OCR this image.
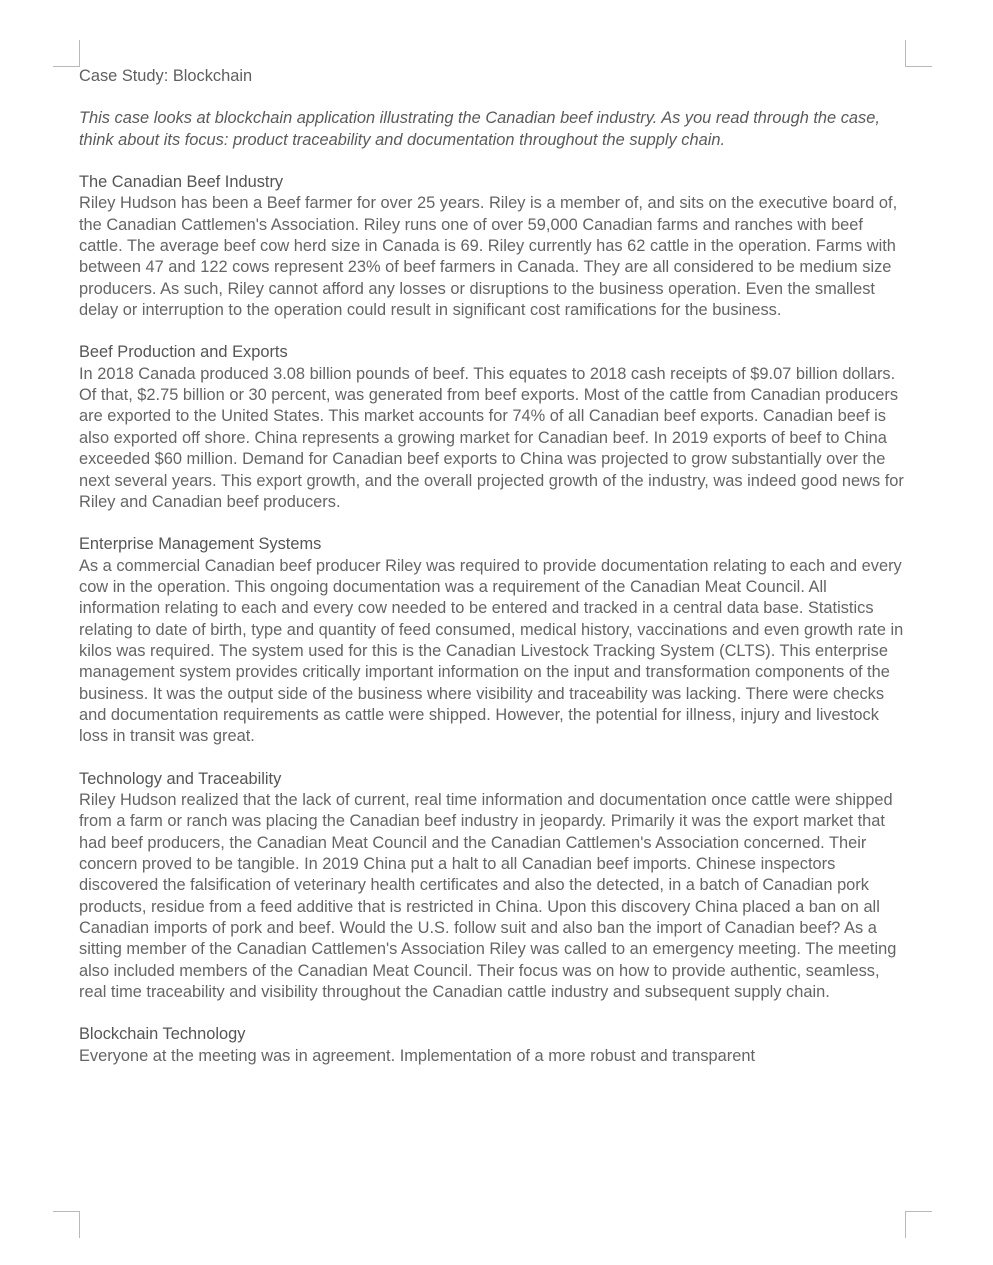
Case Study: Blockchain

This case looks at blockchain application illustrating the Canadian beef industry. As you read through the case, think about its focus: product traceability and documentation throughout the supply chain.

The Canadian Beef Industry

Riley Hudson has been a Beef farmer for over 25 years. Riley is a member of, and sits on the executive board of, the Canadian Cattlemen's Association. Riley runs one of over 59,000 Canadian farms and ranches with beef cattle. The average beef cow herd size in Canada is 69. Riley currently has 62 cattle in the operation. Farms with between 47 and 122 cows represent 23% of beef farmers in Canada. They are all considered to be medium size producers. As such, Riley cannot afford any losses or disruptions to the business operation. Even the smallest delay or interruption to the operation could result in significant cost ramifications for the business.

Beef Production and Exports

In 2018 Canada produced 3.08 billion pounds of beef. This equates to 2018 cash receipts of $9.07 billion dollars. Of that, $2.75 billion or 30 percent, was generated from beef exports. Most of the cattle from Canadian producers are exported to the United States. This market accounts for 74% of all Canadian beef exports. Canadian beef is also exported off shore. China represents a growing market for Canadian beef. In 2019 exports of beef to China exceeded $60 million. Demand for Canadian beef exports to China was projected to grow substantially over the next several years. This export growth, and the overall projected growth of the industry, was indeed good news for Riley and Canadian beef producers.

Enterprise Management Systems

As a commercial Canadian beef producer Riley was required to provide documentation relating to each and every cow in the operation. This ongoing documentation was a requirement of the Canadian Meat Council. All information relating to each and every cow needed to be entered and tracked in a central data base. Statistics relating to date of birth, type and quantity of feed consumed, medical history, vaccinations and even growth rate in kilos was required. The system used for this is the Canadian Livestock Tracking System (CLTS). This enterprise management system provides critically important information on the input and transformation components of the business. It was the output side of the business where visibility and traceability was lacking. There were checks and documentation requirements as cattle were shipped. However, the potential for illness, injury and livestock loss in transit was great.

Technology and Traceability

Riley Hudson realized that the lack of current, real time information and documentation once cattle were shipped from a farm or ranch was placing the Canadian beef industry in jeopardy. Primarily it was the export market that had beef producers, the Canadian Meat Council and the Canadian Cattlemen's Association concerned. Their concern proved to be tangible. In 2019 China put a halt to all Canadian beef imports. Chinese inspectors discovered the falsification of veterinary health certificates and also the detected, in a batch of Canadian pork products, residue from a feed additive that is restricted in China. Upon this discovery China placed a ban on all Canadian imports of pork and beef. Would the U.S. follow suit and also ban the import of Canadian beef? As a sitting member of the Canadian Cattlemen's Association Riley was called to an emergency meeting. The meeting also included members of the Canadian Meat Council. Their focus was on how to provide authentic, seamless, real time traceability and visibility throughout the Canadian cattle industry and subsequent supply chain.

Blockchain Technology

Everyone at the meeting was in agreement. Implementation of a more robust and transparent
